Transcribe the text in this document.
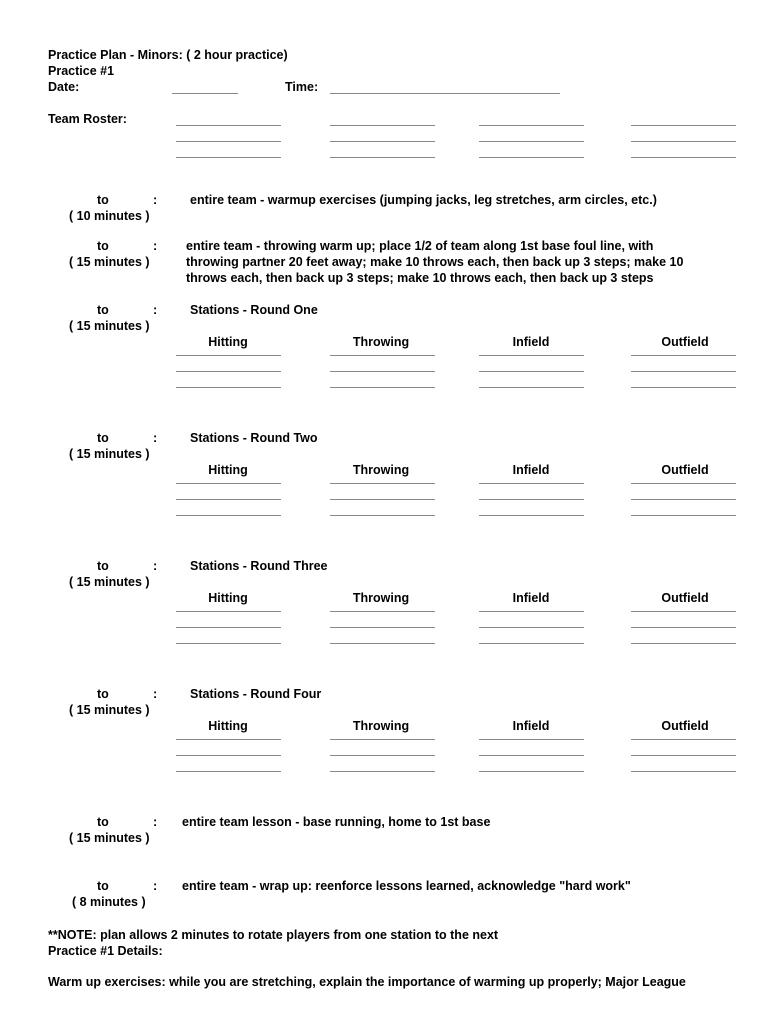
Practice Plan - Minors: ( 2 hour practice)
Practice #1
Date:	Time:
Team Roster:
to	:
( 10 minutes )
entire team - warmup exercises (jumping jacks, leg stretches, arm circles, etc.)
to	:
( 15 minutes )
entire team - throwing warm up; place 1/2 of team along 1st base foul line, with
throwing partner 20 feet away; make 10 throws each, then back up 3 steps; make 10
throws each, then back up 3 steps; make 10 throws each, then back up 3 steps
to	:
( 15 minutes )
Stations - Round One
Hitting	Throwing	Infield	Outfield
to	:
( 15 minutes )
Stations - Round Two
Hitting	Throwing	Infield	Outfield
to	:
( 15 minutes )
Stations - Round Three
Hitting	Throwing	Infield	Outfield
to	:
( 15 minutes )
Stations - Round Four
Hitting	Throwing	Infield	Outfield
to	:
( 15 minutes )
entire team lesson - base running, home to 1st base
to	:
( 8 minutes )
entire team - wrap up: reenforce lessons learned, acknowledge "hard work"
**NOTE: plan allows 2 minutes to rotate players from one station to the next
Practice #1 Details:
Warm up exercises: while you are stretching, explain the importance of warming up properly; Major League
